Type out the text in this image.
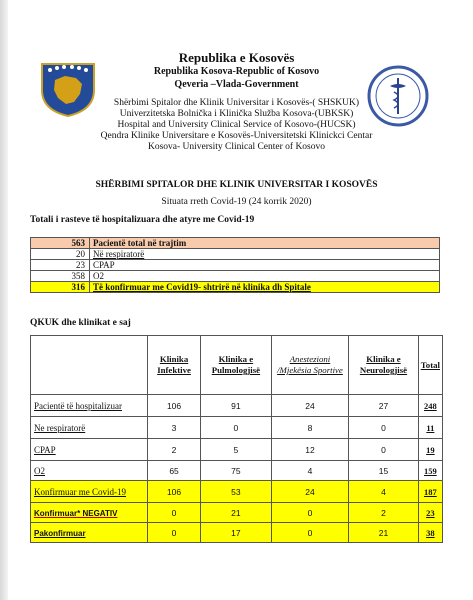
Republika e Kosovës
Republika Kosova-Republic of Kosovo
Qeveria –Vlada-Government
Shërbimi Spitalor dhe Klinik Universitar i Kosovës-( SHSKUK)
Univerzitetska Bolnička i Klinička Služba Kosova-(UBKSK)
Hospital and University Clinical Service of Kosovo-(HUCSK)
Qendra Klinike Universitare e Kosovës-Universitetski Klinickci Centar
Kosova- University Clinical Center of Kosovo
SHËRBIMI SPITALOR DHE KLINIK UNIVERSITAR I KOSOVËS
Situata rreth Covid-19 (24 korrik 2020)
Totali i rasteve të hospitalizuara dhe atyre me Covid-19
563	Pacientë total në trajtim
20	Në respiratorë
23	CPAP
358	O2
316	Të konfirmuar me Covid19- shtrirë në klinika dh Spitale
QKUK dhe klinikat e saj
	Klinika Infektive	Klinika e Pulmologjisë	Anestezioni /Mjekësia Sportive	Klinika e Neurologjisë	Total
Pacientë të hospitalizuar	106	91	24	27	248
Ne respiratorë	3	0	8	0	11
CPAP	2	5	12	0	19
O2	65	75	4	15	159
Konfirmuar me Covid-19	106	53	24	4	187
Konfirmuar* NEGATIV	0	21	0	2	23
Pakonfirmuar	0	17	0	21	38
